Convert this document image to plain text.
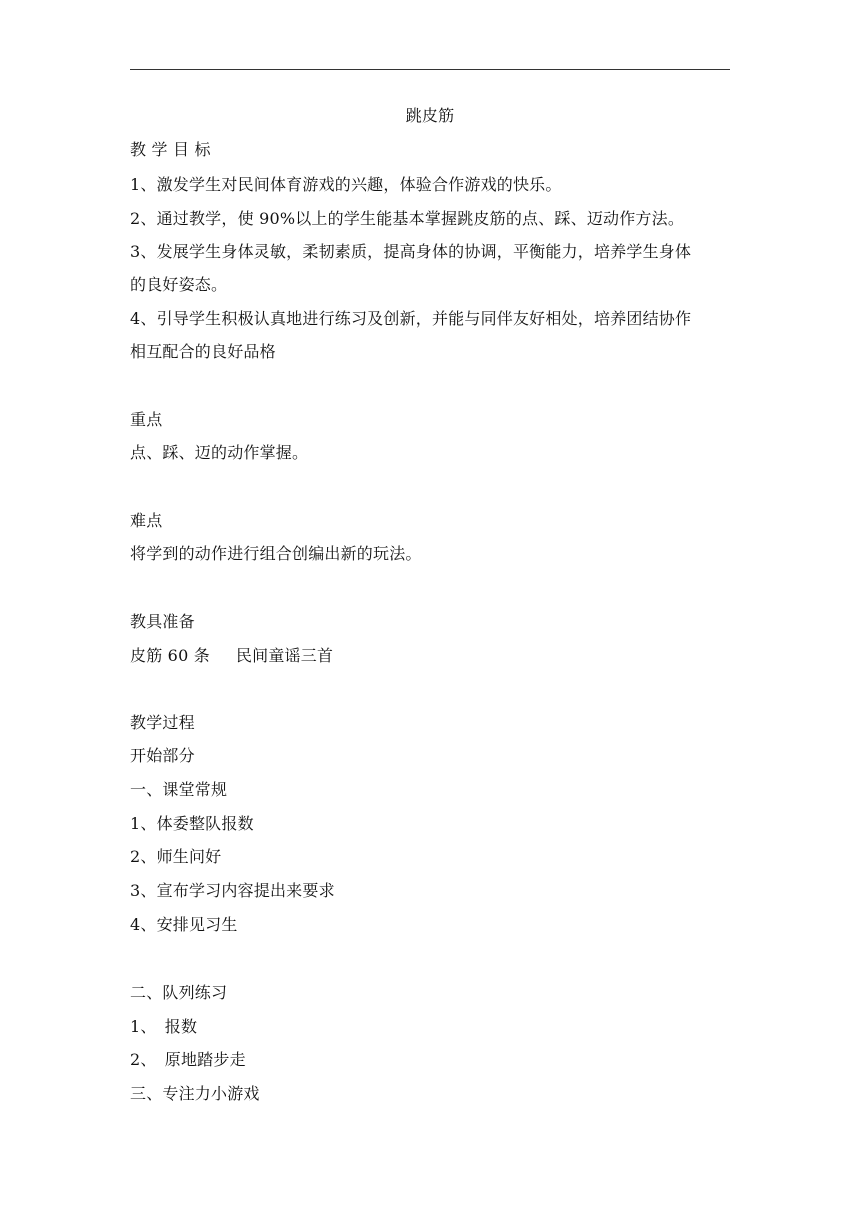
跳皮筋
教 学 目 标
1、激发学生对民间体育游戏的兴趣，体验合作游戏的快乐。
2、通过教学，使 90%以上的学生能基本掌握跳皮筋的点、踩、迈动作方法。
3、发展学生身体灵敏，柔韧素质，提高身体的协调，平衡能力，培养学生身体
的良好姿态。
4、引导学生积极认真地进行练习及创新，并能与同伴友好相处，培养团结协作
相互配合的良好品格
重点
点、踩、迈的动作掌握。
难点
将学到的动作进行组合创编出新的玩法。
教具准备
皮筋 60 条 民间童谣三首
教学过程
开始部分
一、课堂常规
1、体委整队报数
2、师生问好
3、宣布学习内容提出来要求
4、安排见习生
二、队列练习
1、　报数
2、　原地踏步走
三、专注力小游戏
